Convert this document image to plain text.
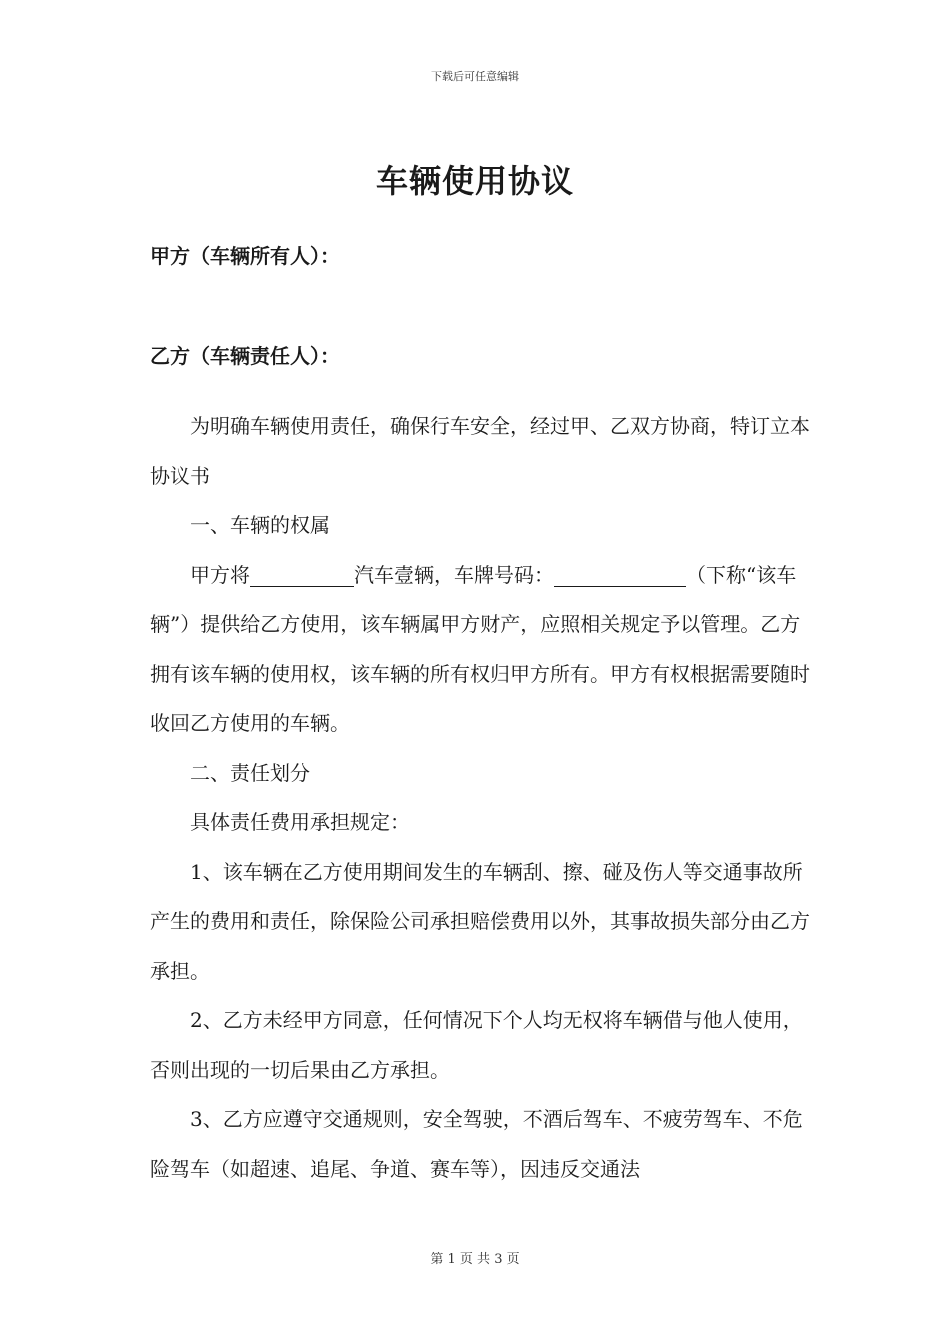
下载后可任意编辑
车辆使用协议
甲方（车辆所有人）：
乙方（车辆责任人）：

为明确车辆使用责任，确保行车安全，经过甲、乙双方协商，特订立本协议书

一、车辆的权属

甲方将	汽车壹辆，车牌号码：	（下称“该车辆”）提供给乙方使用，该车辆属甲方财产，应照相关规定予以管理。乙方拥有该车辆的使用权，该车辆的所有权归甲方所有。甲方有权根据需要随时收回乙方使用的车辆。

二、责任划分

具体责任费用承担规定：

1、该车辆在乙方使用期间发生的车辆刮、擦、碰及伤人等交通事故所产生的费用和责任，除保险公司承担赔偿费用以外，其事故损失部分由乙方承担。

2、乙方未经甲方同意，任何情况下个人均无权将车辆借与他人使用，否则出现的一切后果由乙方承担。

3、乙方应遵守交通规则，安全驾驶，不酒后驾车、不疲劳驾车、不危险驾车（如超速、追尾、争道、赛车等），因违反交通法

第 1 页 共 3 页
